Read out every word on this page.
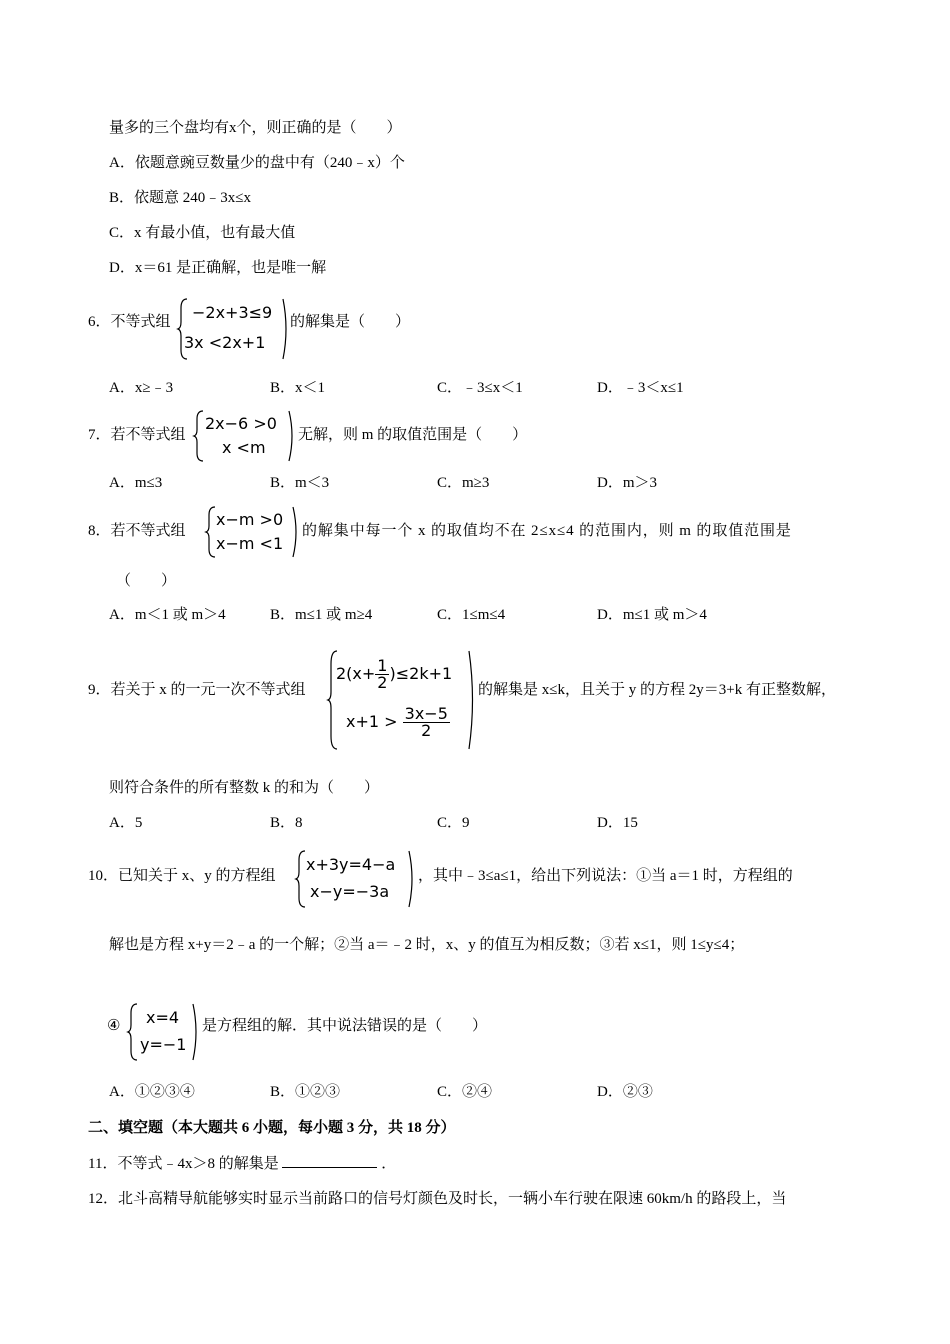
量多的三个盘均有x个，则正确的是（　　）
A．依题意豌豆数量少的盘中有（240﹣x）个
B．依题意 240﹣3x≤x
C．x 有最小值，也有最大值
D．x＝61 是正确解，也是唯一解
6．不等式组 −2x+3≤9
3x <2x+1
的解集是（　　）
A．x≥﹣3	B．x＜1	C．﹣3≤x＜1	D．﹣3＜x≤1
7．若不等式组
2x−6 >0
x <m
无解，则 m 的取值范围是（　　）
A．m≤3	B．m＜3	C．m≥3	D．m＞3
8．若不等式组
x−m >0
x−m <1
的解集中每一个 x 的取值均不在 2≤x≤4 的范围内，则 m 的取值范围是
（　　）
A．m＜1 或 m＞4	B．m≤1 或 m≥4	C．1≤m≤4	D．m≤1 或 m＞4
9．若关于 x 的一元一次不等式组
$2(x+ \frac{1}{2} )\le 2k+1$
$x+1 > \frac{3x-5}{2}$
的解集是 x≤k，且关于 y 的方程 2y＝3+k 有正整数解，
则符合条件的所有整数 k 的和为（　　）
A．5	B．8	C．9	D．15
10．已知关于 x、y 的方程组
x+3y=4−a
x−y=−3a
，其中﹣3≤a≤1，给出下列说法：①当 a＝1 时，方程组的
解也是方程 x+y＝2﹣a 的一个解；②当 a＝﹣2 时，x、y 的值互为相反数；③若 x≤1，则 1≤y≤4；
④ x=4
y=−1
是方程组的解．其中说法错误的是（　　）
A．①②③④	B．①②③	C．②④	D．②③
二、填空题（本大题共 6 小题，每小题 3 分，共 18 分）
11．不等式﹣4x＞8 的解集是	．
12．北斗高精导航能够实时显示当前路口的信号灯颜色及时长，一辆小车行驶在限速 60km/h 的路段上，当
